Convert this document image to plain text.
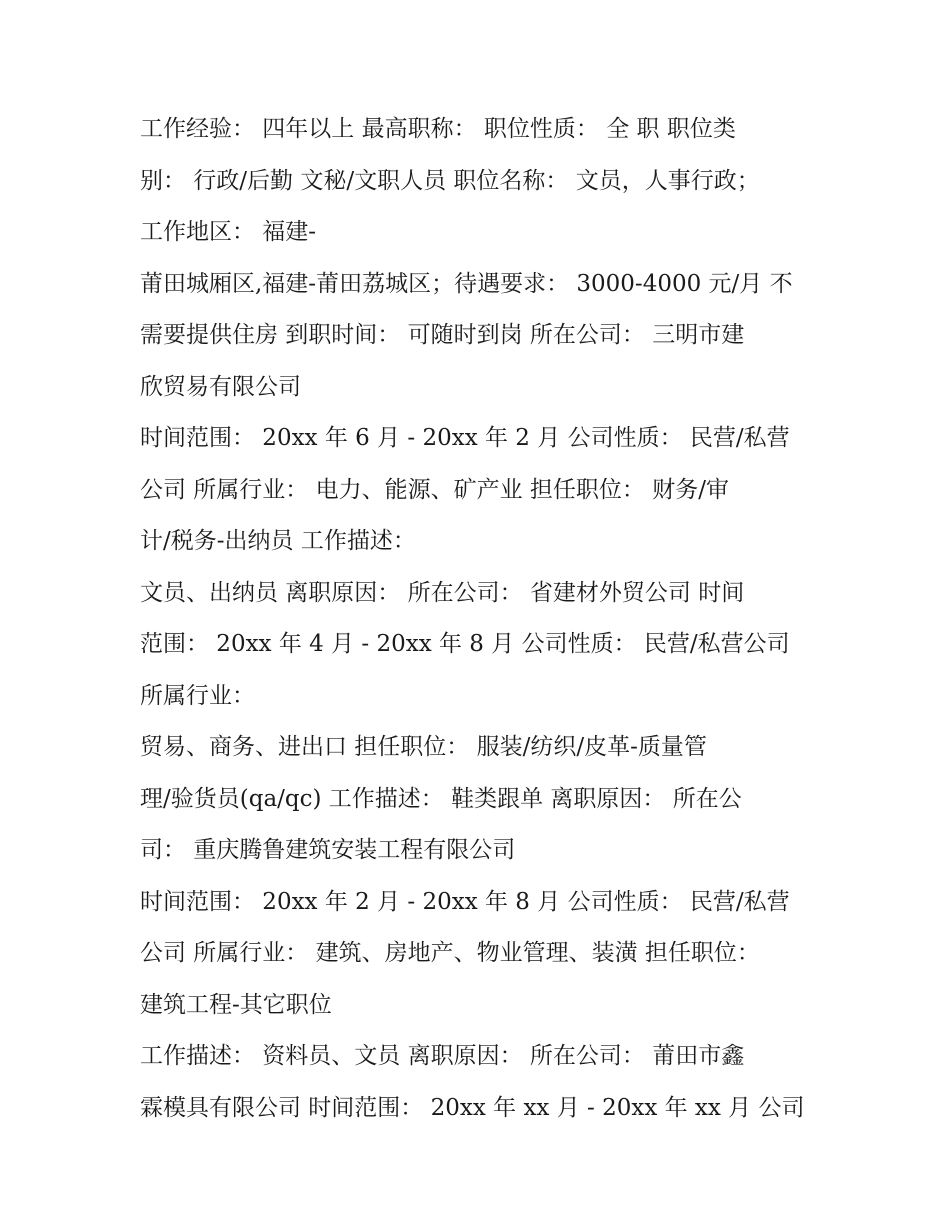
工作经验： 四年以上 最高职称： 职位性质： 全 职 职位类
别： 行政/后勤 文秘/文职人员 职位名称： 文员，人事行政；
工作地区： 福建-
莆田城厢区,福建-莆田荔城区；待遇要求： 3000-4000 元/月 不
需要提供住房 到职时间： 可随时到岗 所在公司： 三明市建
欣贸易有限公司
时间范围： 20xx 年 6 月 - 20xx 年 2 月 公司性质： 民营/私营
公司 所属行业： 电力、能源、矿产业 担任职位： 财务/审
计/税务-出纳员 工作描述：
文员、出纳员 离职原因： 所在公司： 省建材外贸公司 时间
范围： 20xx 年 4 月 - 20xx 年 8 月 公司性质： 民营/私营公司
所属行业：
贸易、商务、进出口 担任职位： 服装/纺织/皮革-质量管
理/验货员(qa/qc) 工作描述： 鞋类跟单 离职原因： 所在公
司： 重庆腾鲁建筑安装工程有限公司
时间范围： 20xx 年 2 月 - 20xx 年 8 月 公司性质： 民营/私营
公司 所属行业： 建筑、房地产、物业管理、装潢 担任职位：
建筑工程-其它职位
工作描述： 资料员、文员 离职原因： 所在公司： 莆田市鑫
霖模具有限公司 时间范围： 20xx 年 xx 月 - 20xx 年 xx 月 公司
